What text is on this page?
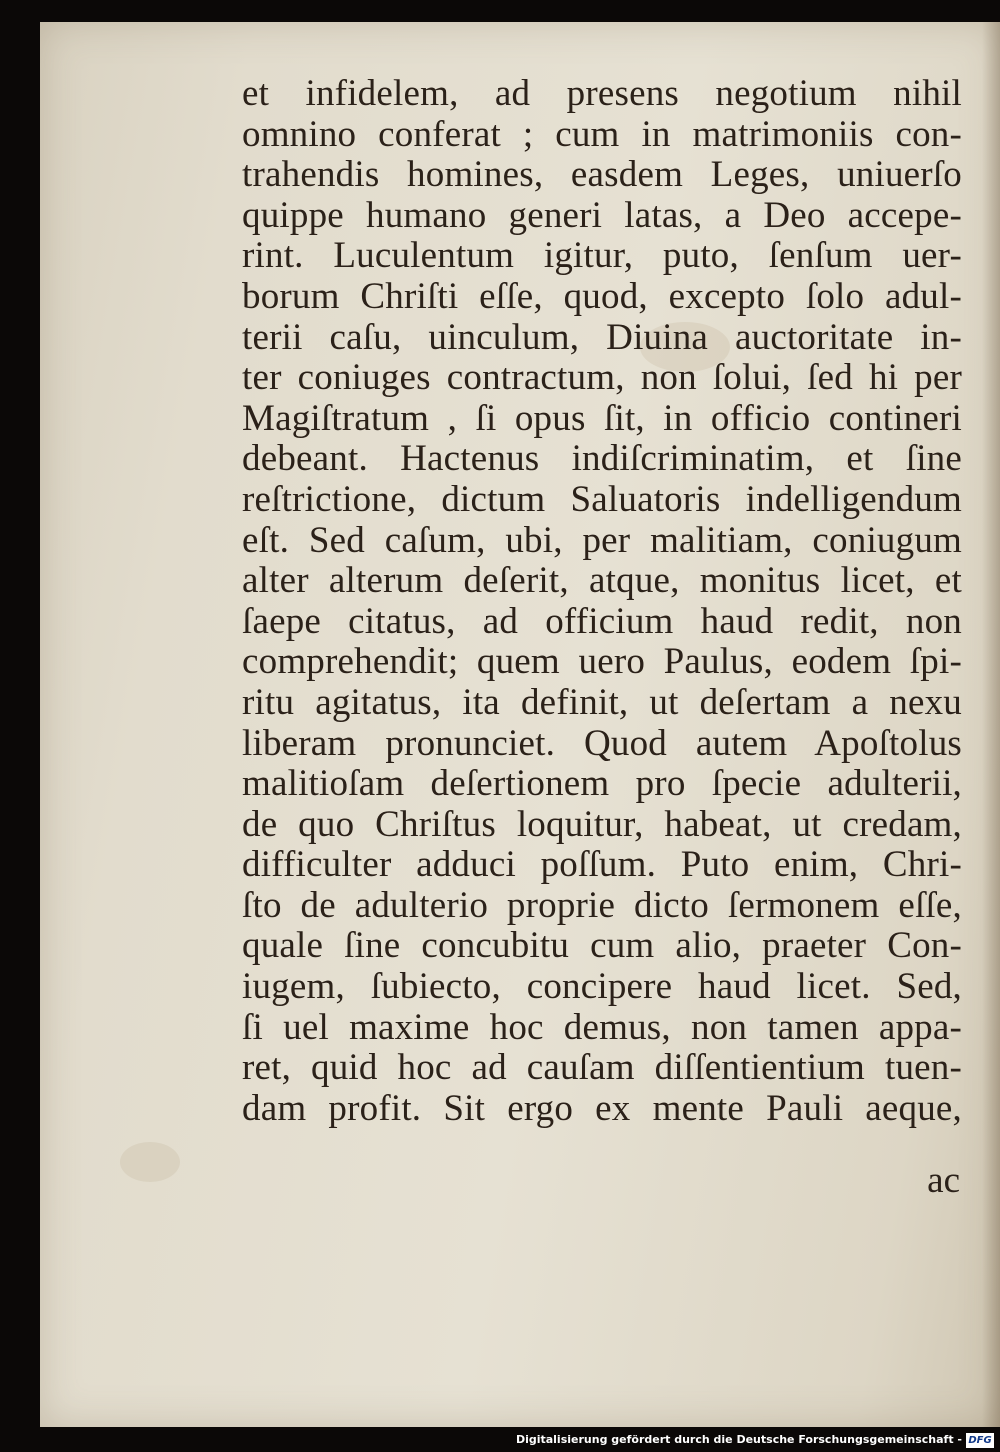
et infidelem, ad presens negotium nihil
omnino conferat ; cum in matrimoniis con-
trahendis homines, easdem Leges, uniuerſo
quippe humano generi latas, a Deo accepe-
rint. Luculentum igitur, puto, ſenſum uer-
borum Chriſti eſſe, quod, excepto ſolo adul-
terii caſu, uinculum, Diuina auctoritate in-
ter coniuges contractum, non ſolui, ſed hi per
Magiſtratum , ſi opus ſit, in officio contineri
debeant. Hactenus indiſcriminatim, et ſine
reſtrictione, dictum Saluatoris indelligendum
eſt. Sed caſum, ubi, per malitiam, coniugum
alter alterum deſerit, atque, monitus licet, et
ſaepe citatus, ad officium haud redit, non
comprehendit; quem uero Paulus, eodem ſpi-
ritu agitatus, ita definit, ut deſertam a nexu
liberam pronunciet. Quod autem Apoſtolus
malitioſam deſertionem pro ſpecie adulterii,
de quo Chriſtus loquitur, habeat, ut credam,
difficulter adduci poſſum. Puto enim, Chri-
ſto de adulterio proprie dicto ſermonem eſſe,
quale ſine concubitu cum alio, praeter Con-
iugem, ſubiecto, concipere haud licet. Sed,
ſi uel maxime hoc demus, non tamen appa-
ret, quid hoc ad cauſam diſſentientium tuen-
dam profit. Sit ergo ex mente Pauli aeque,
ac
Digitalisierung gefördert durch die Deutsche Forschungsgemeinschaft - DFG
